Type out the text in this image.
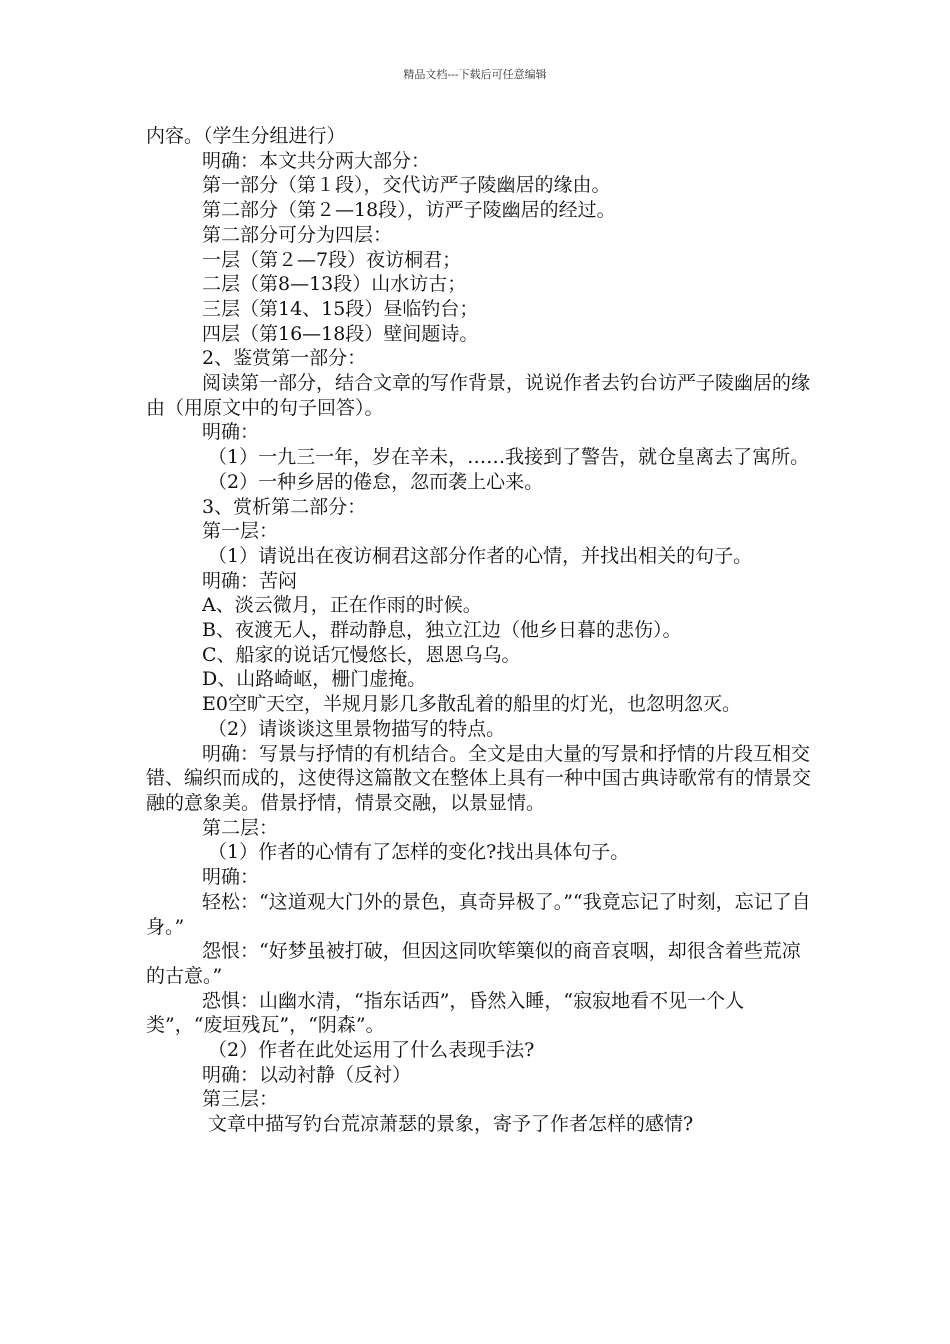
精品文档---下载后可任意编辑

内容。（学生分组进行）

明确：本文共分两大部分：

第一部分（第１段），交代访严子陵幽居的缘由。

第二部分（第２—18段），访严子陵幽居的经过。

第二部分可分为四层：

一层（第２—7段）夜访桐君；

二层（第8—13段）山水访古；

三层（第14、15段）昼临钓台；

四层（第16—18段）壁间题诗。

2、鉴赏第一部分：

阅读第一部分，结合文章的写作背景，说说作者去钓台访严子陵幽居的缘由（用原文中的句子回答）。

明确：

（1）一九三一年，岁在辛未，……我接到了警告，就仓皇离去了寓所。

（2）一种乡居的倦怠，忽而袭上心来。

3、赏析第二部分：

第一层：

（1）请说出在夜访桐君这部分作者的心情，并找出相关的句子。

明确：苦闷

A、淡云微月，正在作雨的时候。

B、夜渡无人，群动静息，独立江边（他乡日暮的悲伤）。

C、船家的说话冗慢悠长，恩恩乌乌。

D、山路崎岖，栅门虚掩。

E0空旷天空，半规月影几多散乱着的船里的灯光，也忽明忽灭。

（2）请谈谈这里景物描写的特点。

明确：写景与抒情的有机结合。全文是由大量的写景和抒情的片段互相交错、编织而成的，这使得这篇散文在整体上具有一种中国古典诗歌常有的情景交融的意象美。借景抒情，情景交融，以景显情。

第二层：

（1）作者的心情有了怎样的变化?找出具体句子。

明确：

轻松：“这道观大门外的景色，真奇异极了。”“我竟忘记了时刻，忘记了自身。”

怨恨：“好梦虽被打破，但因这同吹筚篥似的商音哀咽，却很含着些荒凉的古意。”

恐惧：山幽水清，“指东话西”，昏然入睡，“寂寂地看不见一个人类”，“废垣残瓦”，“阴森”。

（2）作者在此处运用了什么表现手法?

明确：以动衬静（反衬）

第三层：

文章中描写钓台荒凉萧瑟的景象，寄予了作者怎样的感情?
